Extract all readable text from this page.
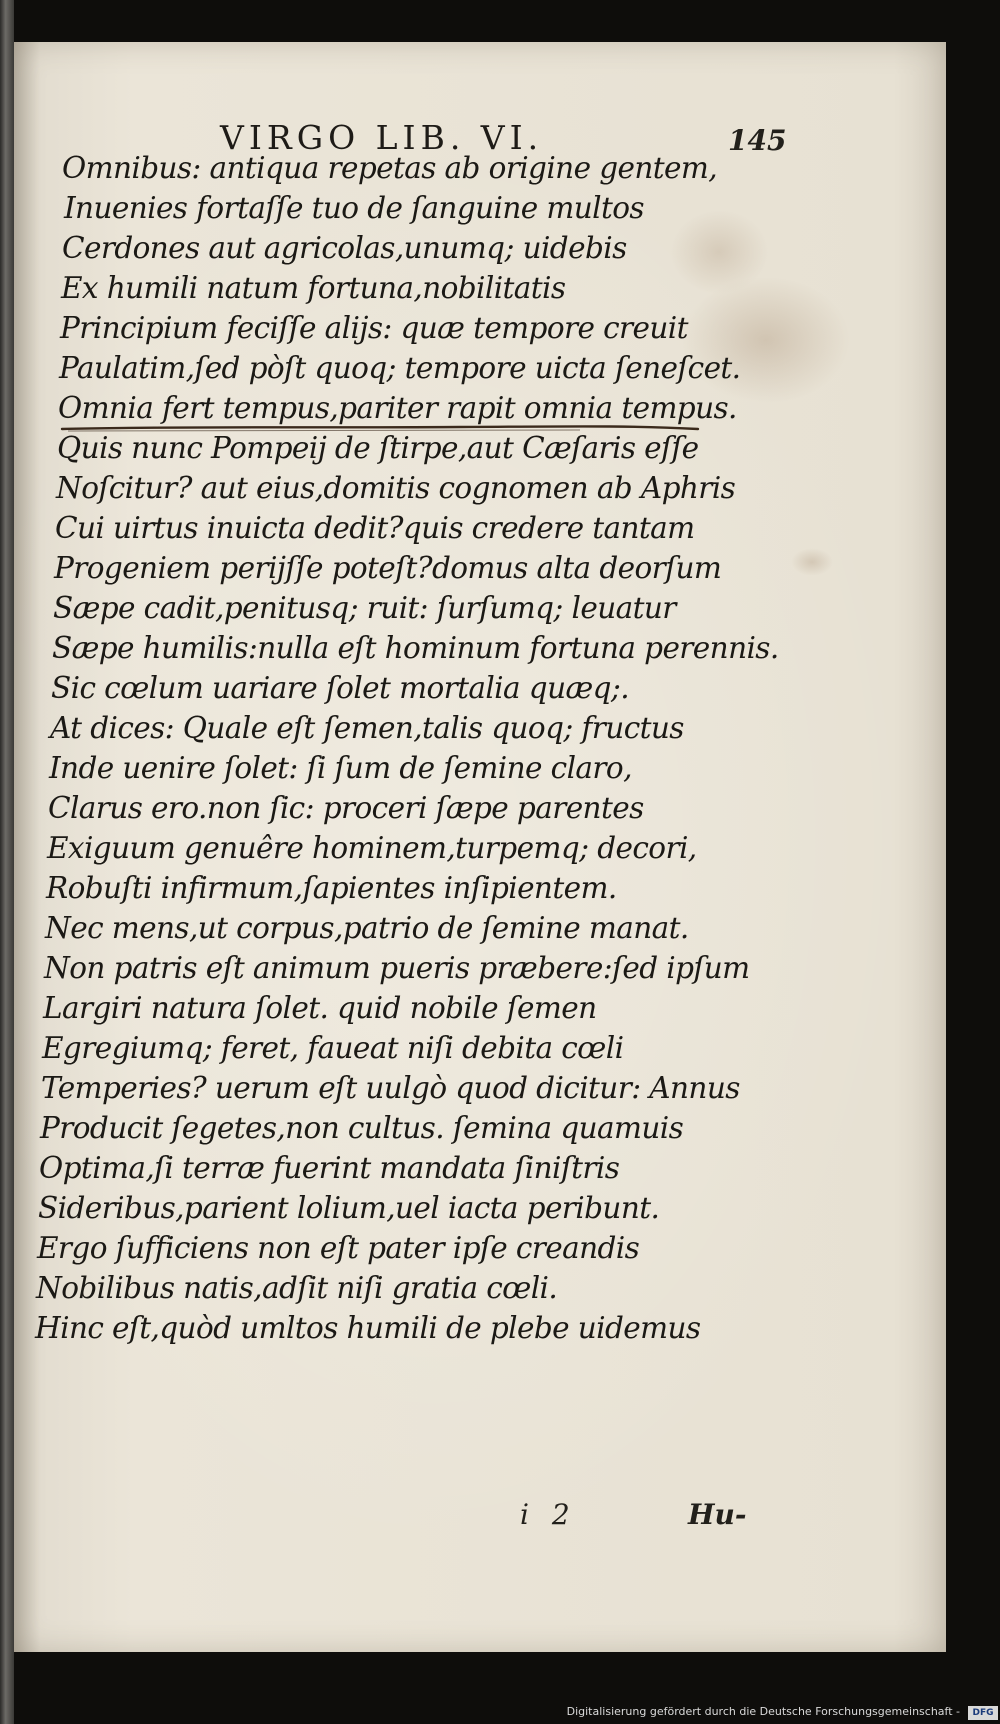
VIRGO LIB. VI.	145
Omnibus: antiqua repetas ab origine gentem,
Inuenies fortaſſe tuo de ſanguine multos
Cerdones aut agricolas,unumq; uidebis
Ex humili natum fortuna,nobilitatis
Principium feciſſe alijs: quæ tempore creuit
Paulatim,ſed pòſt quoq; tempore uicta ſeneſcet.
Omnia fert tempus,pariter rapit omnia tempus.
Quis nunc Pompeij de ſtirpe,aut Cæſaris eſſe
Noſcitur? aut eius,domitis cognomen ab Aphris
Cui uirtus inuicta dedit?quis credere tantam
Progeniem perijſſe poteſt?domus alta deorſum
Sæpe cadit,penitusq; ruit: ſurſumq; leuatur
Sæpe humilis:nulla eſt hominum fortuna perennis.
Sic cœlum uariare ſolet mortalia quæq;.
At dices: Quale eſt ſemen,talis quoq; fructus
Inde uenire ſolet: ſi ſum de ſemine claro,
Clarus ero.non ſic: proceri ſæpe parentes
Exiguum genuêre hominem,turpemq; decori,
Robuſti infirmum,ſapientes inſipientem.
Nec mens,ut corpus,patrio de ſemine manat.
Non patris eſt animum pueris præbere:ſed ipſum
Largiri natura ſolet. quid nobile ſemen
Egregiumq; feret, faueat niſi debita cœli
Temperies? uerum eſt uulgò quod dicitur: Annus
Producit ſegetes,non cultus. ſemina quamuis
Optima,ſi terræ fuerint mandata ſiniſtris
Sideribus,parient lolium,uel iacta peribunt.
Ergo ſufficiens non eſt pater ipſe creandis
Nobilibus natis,adſit niſi gratia cœli.
Hinc eſt,quòd umltos humili de plebe uidemus
i 2	Hu-
Digitalisierung gefördert durch die Deutsche Forschungsgemeinschaft -	DFG
